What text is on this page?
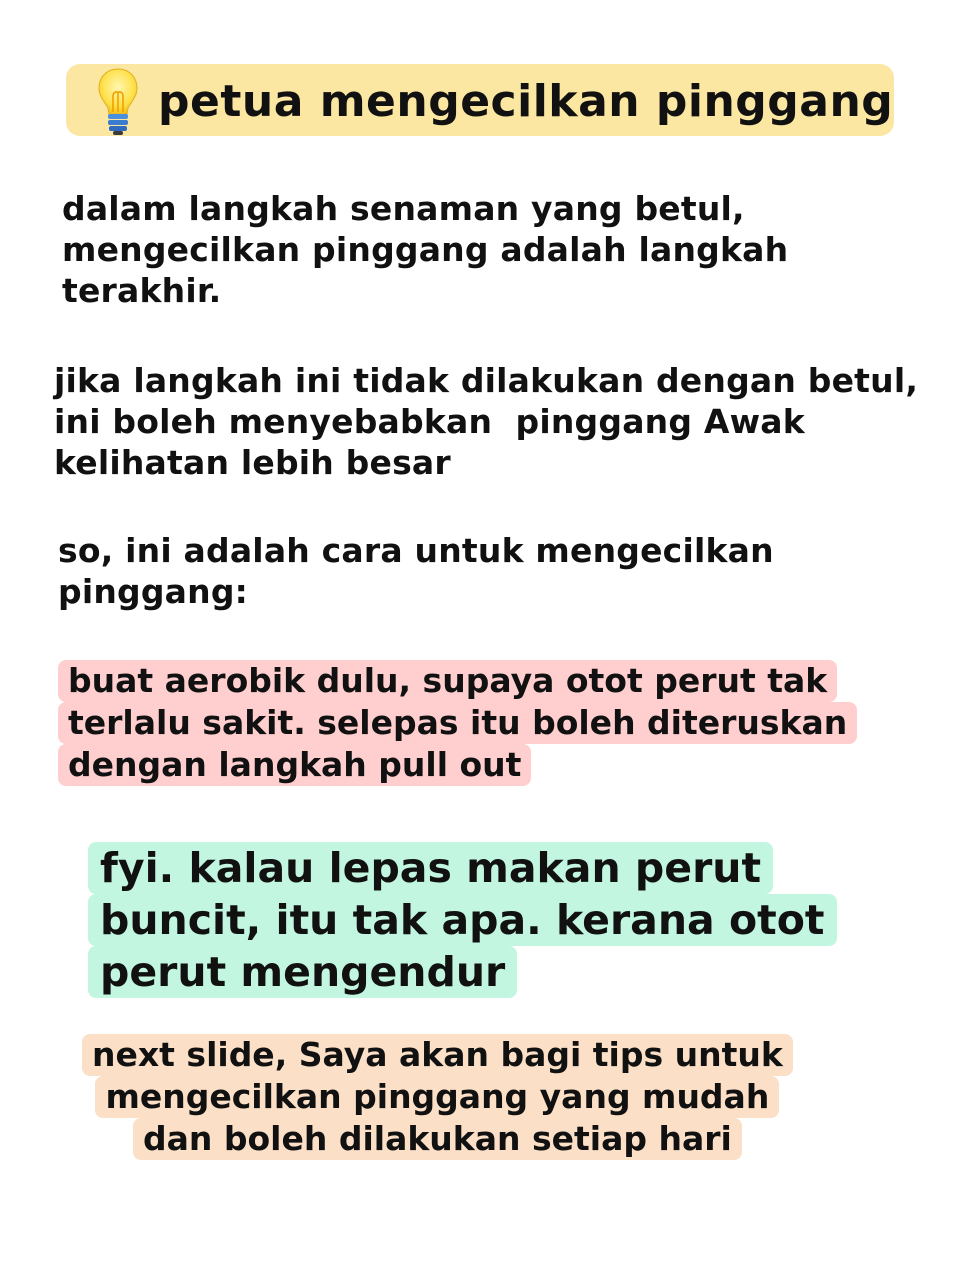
petua mengecilkan pinggang
dalam langkah senaman yang betul,
mengecilkan pinggang adalah langkah
terakhir.
jika langkah ini tidak dilakukan dengan betul,
ini boleh menyebabkan  pinggang Awak
kelihatan lebih besar
so, ini adalah cara untuk mengecilkan
pinggang:
buat aerobik dulu, supaya otot perut tak
terlalu sakit. selepas itu boleh diteruskan
dengan langkah pull out
fyi. kalau lepas makan perut
buncit, itu tak apa. kerana otot
perut mengendur
next slide, Saya akan bagi tips untuk
mengecilkan pinggang yang mudah
dan boleh dilakukan setiap hari
